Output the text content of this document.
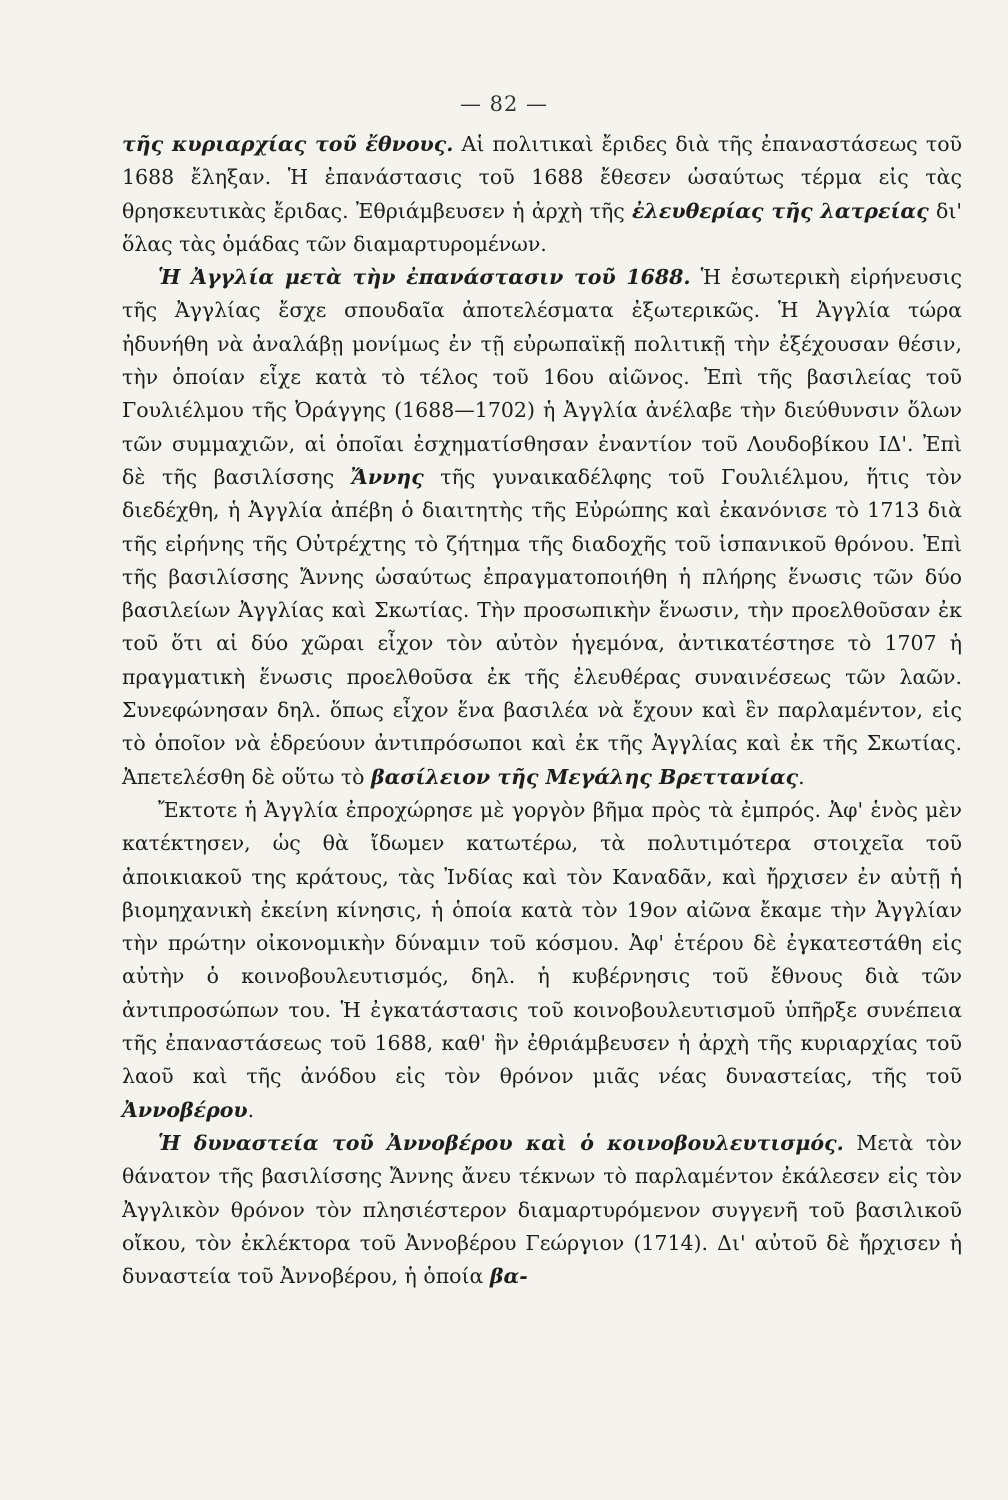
— 82 —

τῆς κυριαρχίας τοῦ ἔθνους. Αἱ πολιτικαὶ ἔριδες διὰ τῆς ἐπαναστάσεως τοῦ 1688 ἔληξαν. Ἡ ἐπανάστασις τοῦ 1688 ἔθεσεν ὡσαύτως τέρμα εἰς τὰς θρησκευτικὰς ἔριδας. Ἐθριάμβευσεν ἡ ἀρχὴ τῆς ἐλευθερίας τῆς λατρείας δι' ὅλας τὰς ὁμάδας τῶν διαμαρτυρομένων.

Ἡ Ἀγγλία μετὰ τὴν ἐπανάστασιν τοῦ 1688. Ἡ ἐσωτερικὴ εἰρήνευσις τῆς Ἀγγλίας ἔσχε σπουδαῖα ἀποτελέσματα ἐξωτερικῶς. Ἡ Ἀγγλία τώρα ἠδυνήθη νὰ ἀναλάβῃ μονίμως ἐν τῇ εὐρωπαϊκῇ πολιτικῇ τὴν ἐξέχουσαν θέσιν, τὴν ὁποίαν εἶχε κατὰ τὸ τέλος τοῦ 16ου αἰῶνος. Ἐπὶ τῆς βασιλείας τοῦ Γουλιέλμου τῆς Ὀράγγης (1688—1702) ἡ Ἀγγλία ἀνέλαβε τὴν διεύθυνσιν ὅλων τῶν συμμαχιῶν, αἱ ὁποῖαι ἐσχηματίσθησαν ἐναντίον τοῦ Λουδοβίκου ΙΔ'. Ἐπὶ δὲ τῆς βασιλίσσης Ἄννης τῆς γυναικαδέλφης τοῦ Γουλιέλμου, ἥτις τὸν διεδέχθη, ἡ Ἀγγλία ἀπέβη ὁ διαιτητὴς τῆς Εὐρώπης καὶ ἐκανόνισε τὸ 1713 διὰ τῆς εἰρήνης τῆς Οὐτρέχτης τὸ ζήτημα τῆς διαδοχῆς τοῦ ἱσπανικοῦ θρόνου. Ἐπὶ τῆς βασιλίσσης Ἄννης ὡσαύτως ἐπραγματοποιήθη ἡ πλήρης ἕνωσις τῶν δύο βασιλείων Ἀγγλίας καὶ Σκωτίας. Τὴν προσωπικὴν ἕνωσιν, τὴν προελθοῦσαν ἐκ τοῦ ὅτι αἱ δύο χῶραι εἶχον τὸν αὐτὸν ἡγεμόνα, ἀντικατέστησε τὸ 1707 ἡ πραγματικὴ ἕνωσις προελθοῦσα ἐκ τῆς ἐλευθέρας συναινέσεως τῶν λαῶν. Συνεφώνησαν δηλ. ὅπως εἶχον ἕνα βασιλέα νὰ ἔχουν καὶ ἓν παρλαμέντον, εἰς τὸ ὁποῖον νὰ ἑδρεύουν ἀντιπρόσωποι καὶ ἐκ τῆς Ἀγγλίας καὶ ἐκ τῆς Σκωτίας. Ἀπετελέσθη δὲ οὕτω τὸ βασίλειον τῆς Μεγάλης Βρεττανίας.

Ἔκτοτε ἡ Ἀγγλία ἐπροχώρησε μὲ γοργὸν βῆμα πρὸς τὰ ἐμπρός. Ἀφ' ἑνὸς μὲν κατέκτησεν, ὡς θὰ ἴδωμεν κατωτέρω, τὰ πολυτιμότερα στοιχεῖα τοῦ ἀποικιακοῦ της κράτους, τὰς Ἰνδίας καὶ τὸν Καναδᾶν, καὶ ἤρχισεν ἐν αὐτῇ ἡ βιομηχανικὴ ἐκείνη κίνησις, ἡ ὁποία κατὰ τὸν 19ον αἰῶνα ἔκαμε τὴν Ἀγγλίαν τὴν πρώτην οἰκονομικὴν δύναμιν τοῦ κόσμου. Ἀφ' ἑτέρου δὲ ἐγκατεστάθη εἰς αὐτὴν ὁ κοινοβουλευτισμός, δηλ. ἡ κυβέρνησις τοῦ ἔθνους διὰ τῶν ἀντιπροσώπων του. Ἡ ἐγκατάστασις τοῦ κοινοβουλευτισμοῦ ὑπῆρξε συνέπεια τῆς ἐπαναστάσεως τοῦ 1688, καθ' ἣν ἐθριάμβευσεν ἡ ἀρχὴ τῆς κυριαρχίας τοῦ λαοῦ καὶ τῆς ἀνόδου εἰς τὸν θρόνον μιᾶς νέας δυναστείας, τῆς τοῦ Ἀννοβέρου.

Ἡ δυναστεία τοῦ Ἀννοβέρου καὶ ὁ κοινοβουλευτισμός. Μετὰ τὸν θάνατον τῆς βασιλίσσης Ἄννης ἄνευ τέκνων τὸ παρλαμέντον ἐκάλεσεν εἰς τὸν Ἀγγλικὸν θρόνον τὸν πλησιέστερον διαμαρτυρόμενον συγγενῆ τοῦ βασιλικοῦ οἴκου, τὸν ἐκλέκτορα τοῦ Ἀννοβέρου Γεώργιον (1714). Δι' αὐτοῦ δὲ ἤρχισεν ἡ δυναστεία τοῦ Ἀννοβέρου, ἡ ὁποία βα-
